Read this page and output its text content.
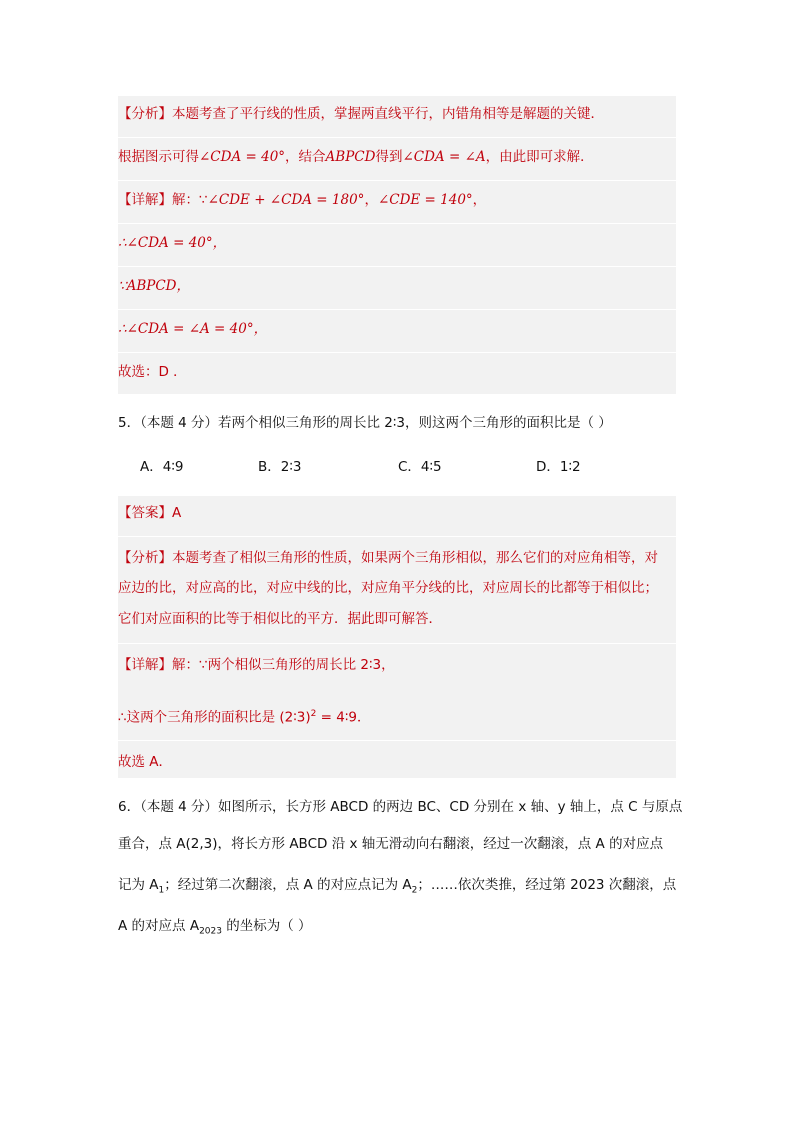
【分析】本题考查了平行线的性质，掌握两直线平行，内错角相等是解题的关键．
根据图示可得∠CDA = 40°，结合ABPCD得到∠CDA = ∠A，由此即可求解．
【详解】解：∵∠CDE + ∠CDA = 180°，∠CDE = 140°，
∴∠CDA = 40°，
∵ABPCD，
∴∠CDA = ∠A = 40°，
故选：D ．
5．（本题 4 分）若两个相似三角形的周长比 2∶3，则这两个三角形的面积比是（ ）
A．4∶9	B．2∶3	C．4∶5	D．1∶2
【答案】A
【分析】本题考查了相似三角形的性质，如果两个三角形相似，那么它们的对应角相等，对
应边的比，对应高的比，对应中线的比，对应角平分线的比，对应周长的比都等于相似比；
它们对应面积的比等于相似比的平方．据此即可解答．
【详解】解：∵两个相似三角形的周长比 2∶3，
∴这两个三角形的面积比是 (2∶3)$^2$ = 4∶9．
故选 A．
6．（本题 4 分）如图所示，长方形 ABCD 的两边 BC、CD 分别在 x 轴、y 轴上，点 C 与原点
重合，点 A(2,3)，将长方形 ABCD 沿 x 轴无滑动向右翻滚，经过一次翻滚，点 A 的对应点
记为 $A_1$；经过第二次翻滚，点 A 的对应点记为 $A_2$；……依次类推，经过第 2023 次翻滚，点
A 的对应点 $A_{2023}$ 的坐标为（ ）
